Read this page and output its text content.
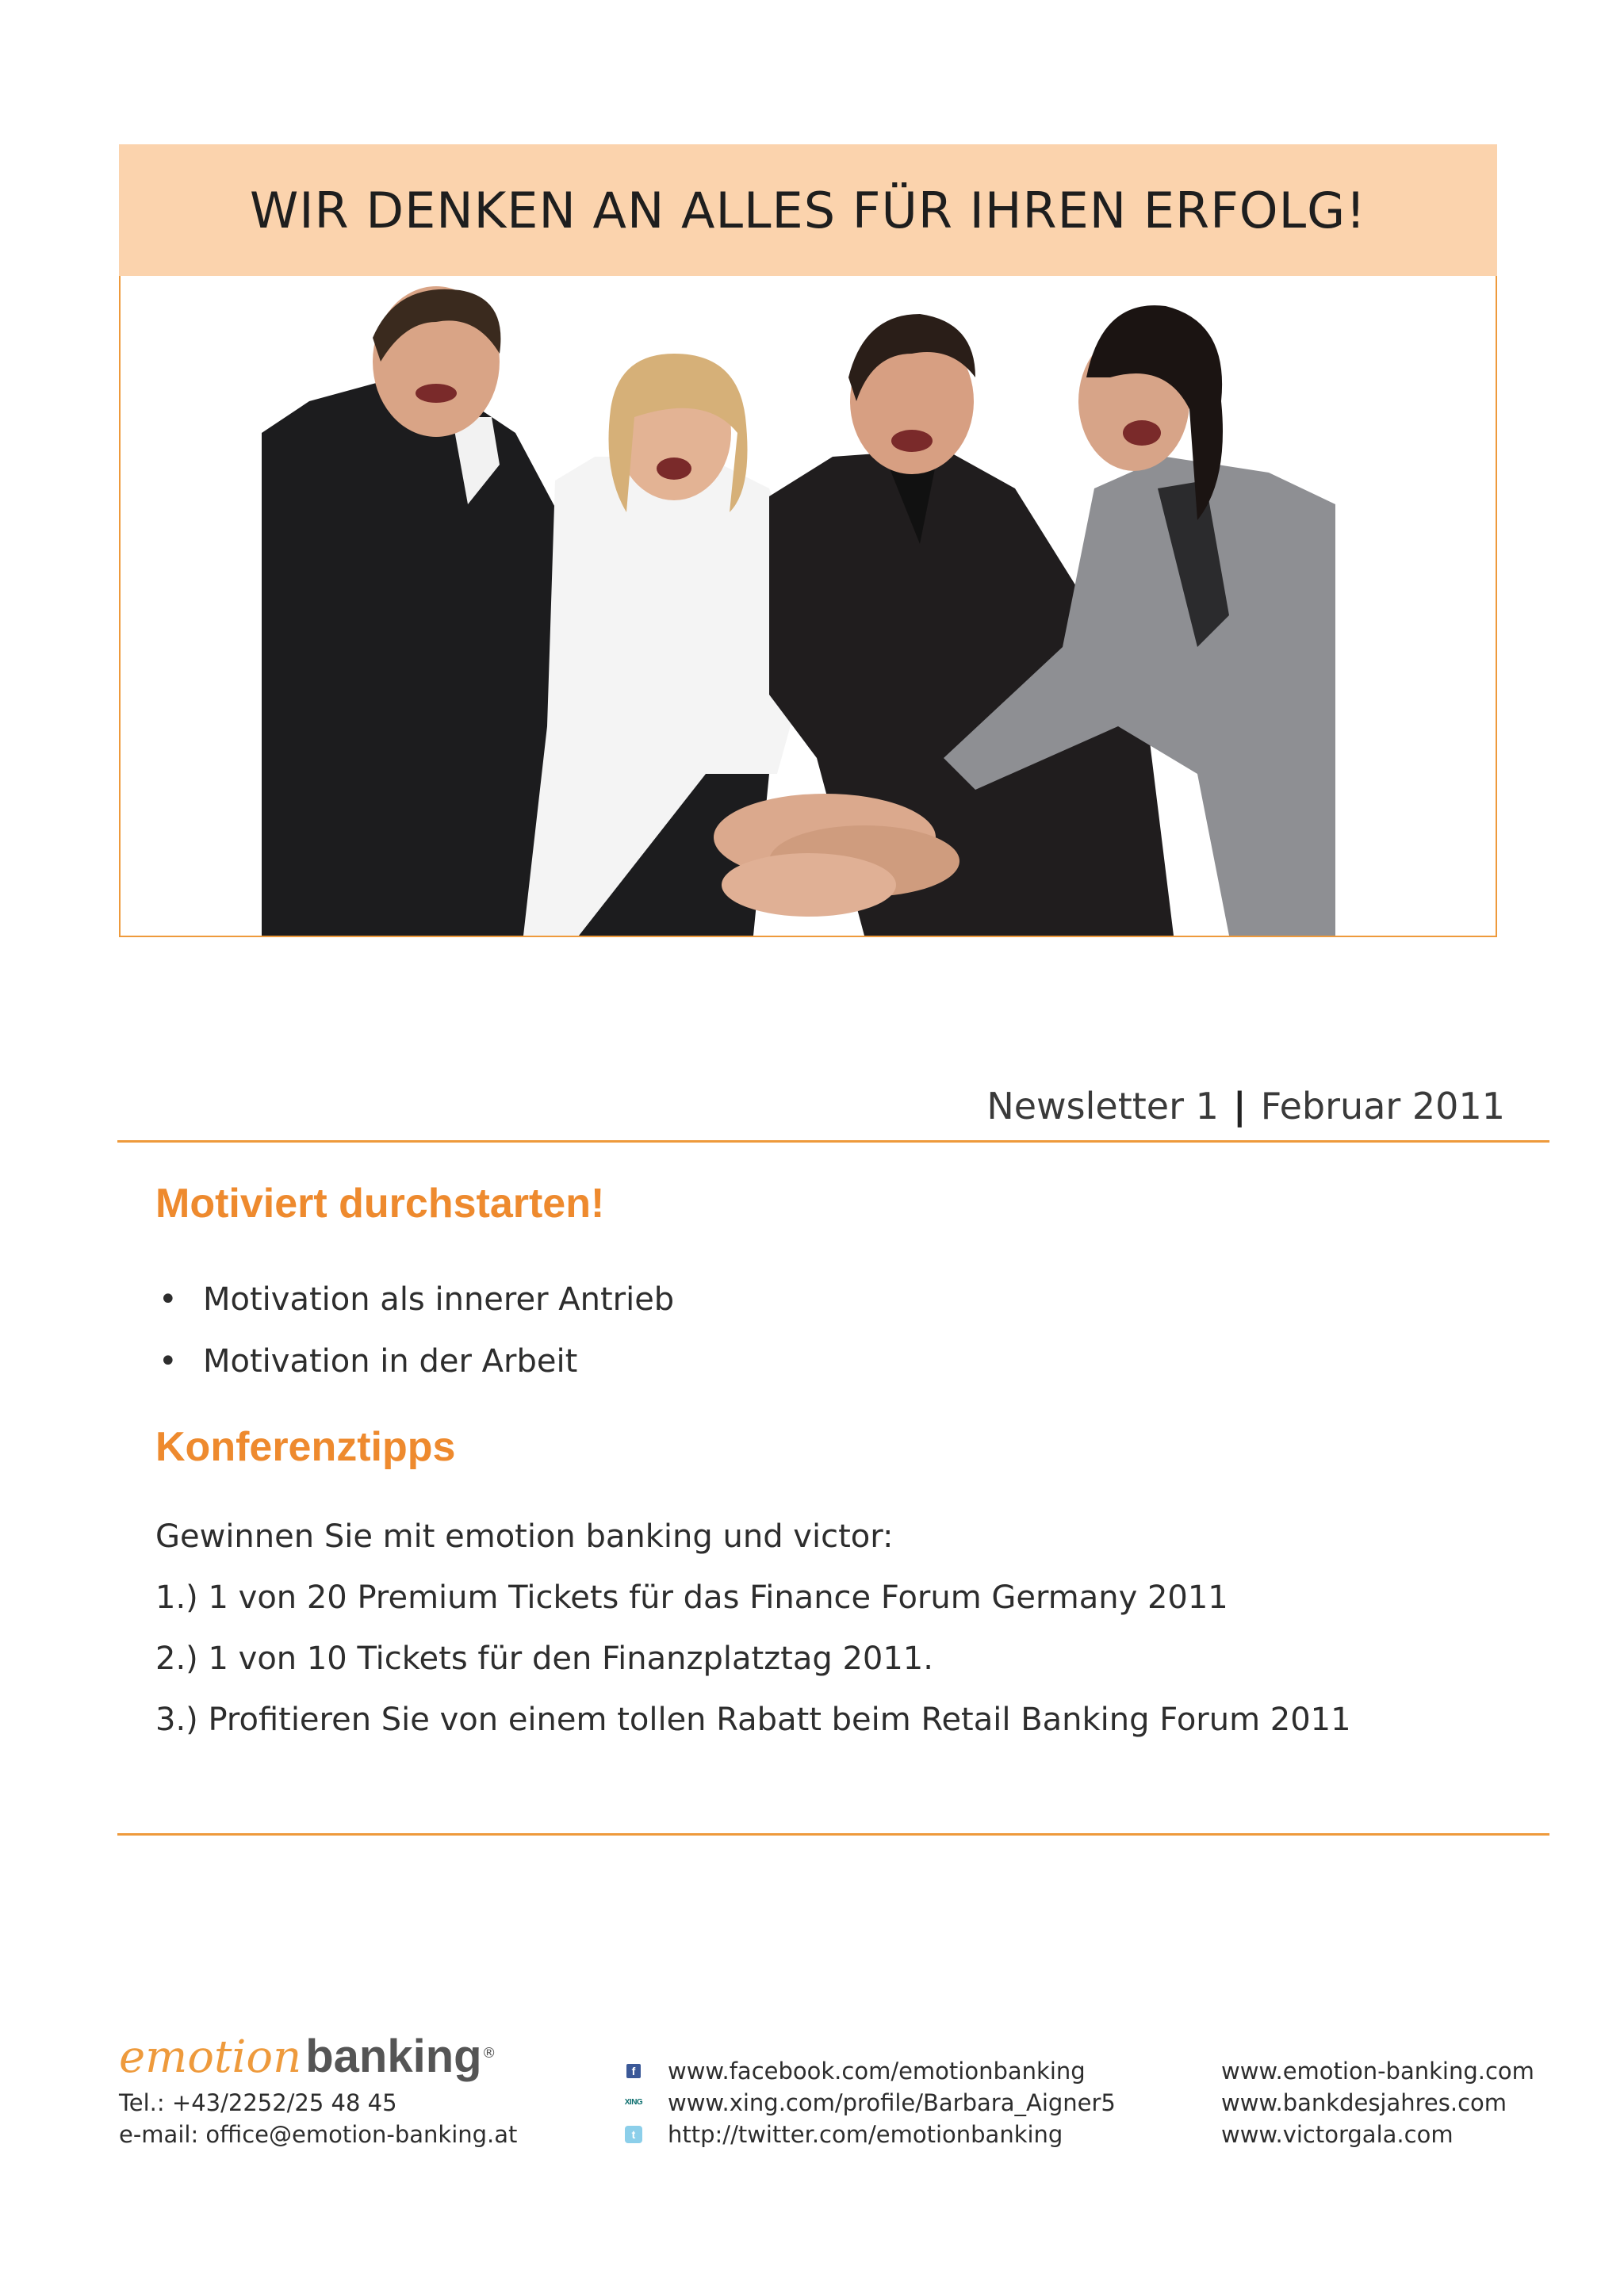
WIR DENKEN AN ALLES FÜR IHREN ERFOLG!
Newsletter 1 | Februar 2011
Motiviert durchstarten!
• Motivation als innerer Antrieb
• Motivation in der Arbeit
Konferenztipps
Gewinnen Sie mit emotion banking und victor:
1.) 1 von 20 Premium Tickets für das Finance Forum Germany 2011
2.) 1 von 10 Tickets für den Finanzplatztag 2011.
3.) Profitieren Sie von einem tollen Rabatt beim Retail Banking Forum 2011
emotion banking®
Tel.: +43/2252/25 48 45
e-mail: office@emotion-banking.at
f www.facebook.com/emotionbanking
XING www.xing.com/profile/Barbara_Aigner5
t http://twitter.com/emotionbanking
www.emotion-banking.com
www.bankdesjahres.com
www.victorgala.com
